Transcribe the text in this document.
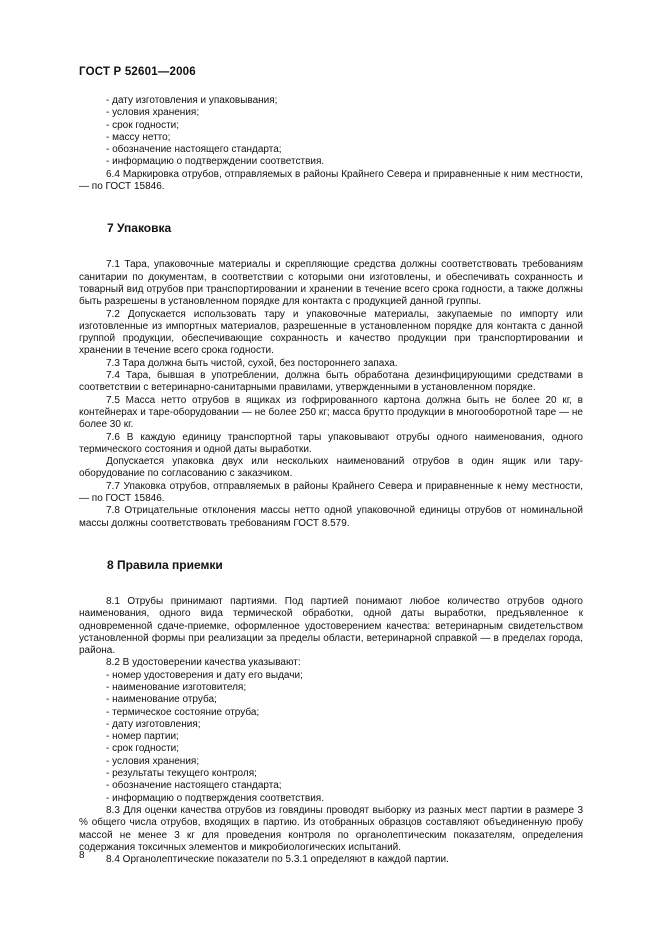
ГОСТ Р 52601—2006

- дату изготовления и упаковывания;

- условия хранения;

- срок годности;

- массу нетто;

- обозначение настоящего стандарта;

- информацию о подтверждении соответствия.

6.4 Маркировка отрубов, отправляемых в районы Крайнего Севера и приравненные к ним местности, — по ГОСТ 15846.

7 Упаковка

7.1 Тара, упаковочные материалы и скрепляющие средства должны соответствовать требованиям санитарии по документам, в соответствии с которыми они изготовлены, и обеспечивать сохранность и товарный вид отрубов при транспортировании и хранении в течение всего срока годности, а также должны быть разрешены в установленном порядке для контакта с продукцией данной группы.

7.2 Допускается использовать тару и упаковочные материалы, закупаемые по импорту или изготовленные из импортных материалов, разрешенные в установленном порядке для контакта с данной группой продукции, обеспечивающие сохранность и качество продукции при транспортировании и хранении в течение всего срока годности.

7.3 Тара должна быть чистой, сухой, без постороннего запаха.

7.4 Тара, бывшая в употреблении, должна быть обработана дезинфицирующими средствами в соответствии с ветеринарно-санитарными правилами, утвержденными в установленном порядке.

7.5 Масса нетто отрубов в ящиках из гофрированного картона должна быть не более 20 кг, в контейнерах и таре-оборудовании — не более 250 кг; масса брутто продукции в многооборотной таре — не более 30 кг.

7.6 В каждую единицу транспортной тары упаковывают отрубы одного наименования, одного термического состояния и одной даты выработки.

Допускается упаковка двух или нескольких наименований отрубов в один ящик или тару-оборудование по согласованию с заказчиком.

7.7 Упаковка отрубов, отправляемых в районы Крайнего Севера и приравненные к нему местности, — по ГОСТ 15846.

7.8 Отрицательные отклонения массы нетто одной упаковочной единицы отрубов от номинальной массы должны соответствовать требованиям ГОСТ 8.579.

8 Правила приемки

8.1 Отрубы принимают партиями. Под партией понимают любое количество отрубов одного наименования, одного вида термической обработки, одной даты выработки, предъявленное к одновременной сдаче-приемке, оформленное удостоверением качества: ветеринарным свидетельством установленной формы при реализации за пределы области, ветеринарной справкой — в пределах города, района.

8.2 В удостоверении качества указывают:

- номер удостоверения и дату его выдачи;

- наименование изготовителя;

- наименование отруба;

- термическое состояние отруба;

- дату изготовления;

- номер партии;

- срок годности;

- условия хранения;

- результаты текущего контроля;

- обозначение настоящего стандарта;

- информацию о подтверждения соответствия.

8.3 Для оценки качества отрубов из говядины проводят выборку из разных мест партии в размере 3 % общего числа отрубов, входящих в партию. Из отобранных образцов составляют объединенную пробу массой не менее 3 кг для проведения контроля по органолептическим показателям, определения содержания токсичных элементов и микробиологических испытаний.

8.4 Органолептические показатели по 5.3.1 определяют в каждой партии.

8
